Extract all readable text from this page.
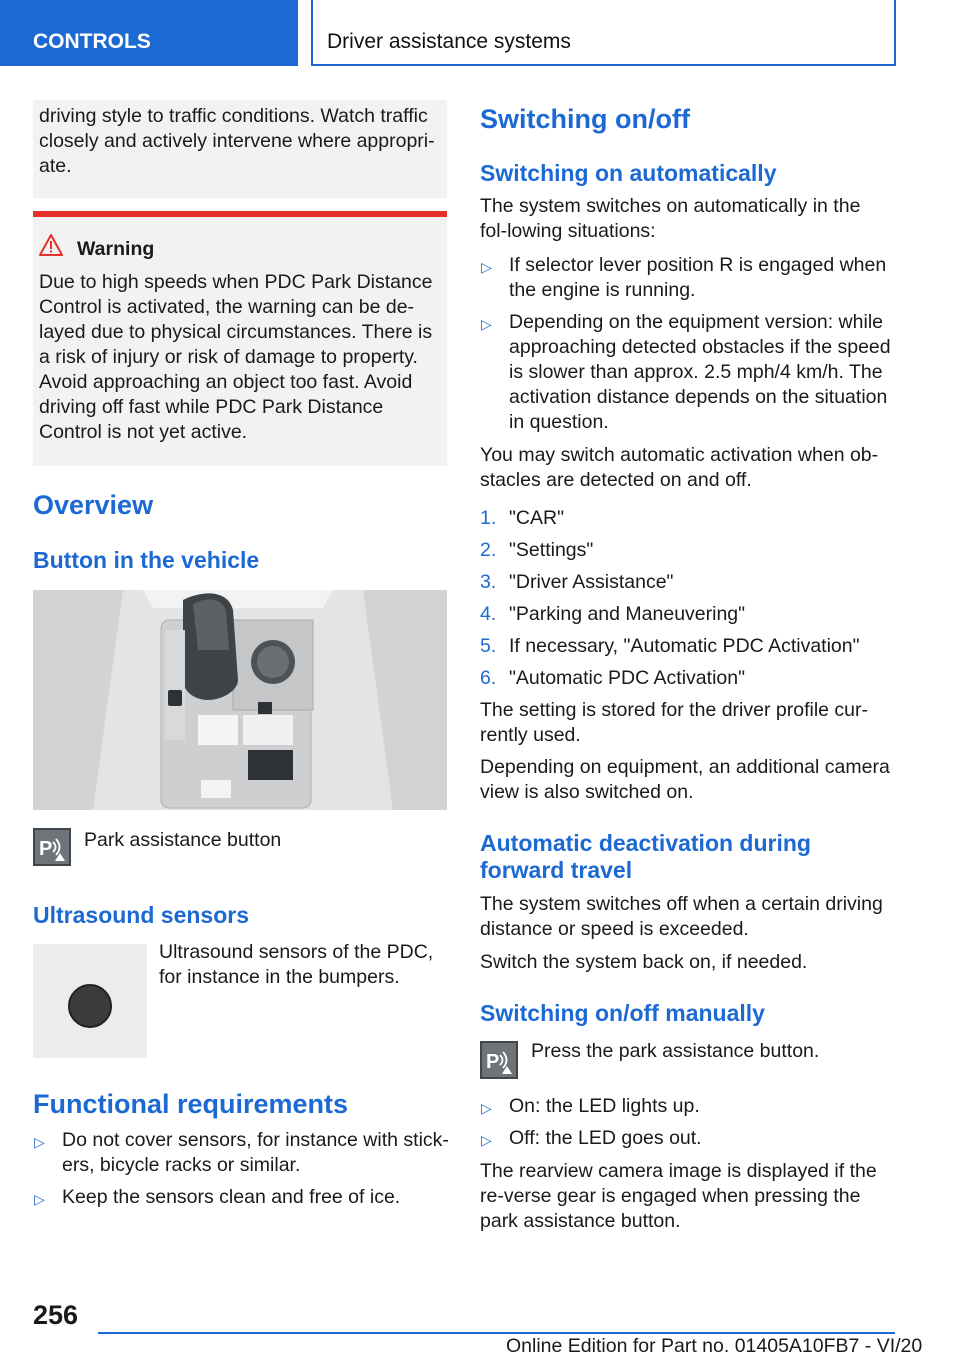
CONTROLS	Driver assistance systems

driving style to traffic conditions. Watch traffic closely and actively intervene where appropri-ate.

Warning

Due to high speeds when PDC Park Distance Control is activated, the warning can be de-layed due to physical circumstances. There is a risk of injury or risk of damage to property. Avoid approaching an object too fast. Avoid driving off fast while PDC Park Distance Control is not yet active.

Overview
Button in the vehicle
P Park assistance button
Ultrasound sensors
Ultrasound sensors of the PDC, for instance in the bumpers.
Functional requirements
▷ Do not cover sensors, for instance with stick-ers, bicycle racks or similar.
▷ Keep the sensors clean and free of ice.
Switching on/off
Switching on automatically
The system switches on automatically in the fol-lowing situations:
▷ If selector lever position R is engaged when the engine is running.
▷ Depending on the equipment version: while approaching detected obstacles if the speed is slower than approx. 2.5 mph/4 km/h. The activation distance depends on the situation in question.
You may switch automatic activation when ob-stacles are detected on and off.
1. "CAR"
2. "Settings"
3. "Driver Assistance"
4. "Parking and Maneuvering"
5. If necessary, "Automatic PDC Activation"
6. "Automatic PDC Activation"
The setting is stored for the driver profile cur-rently used.
Depending on equipment, an additional camera view is also switched on.
Automatic deactivation during forward travel
The system switches off when a certain driving distance or speed is exceeded.
Switch the system back on, if needed.
Switching on/off manually
P Press the park assistance button.
▷ On: the LED lights up.
▷ Off: the LED goes out.
The rearview camera image is displayed if the re-verse gear is engaged when pressing the park assistance button.
256
Online Edition for Part no. 01405A10FB7 - VI/20
